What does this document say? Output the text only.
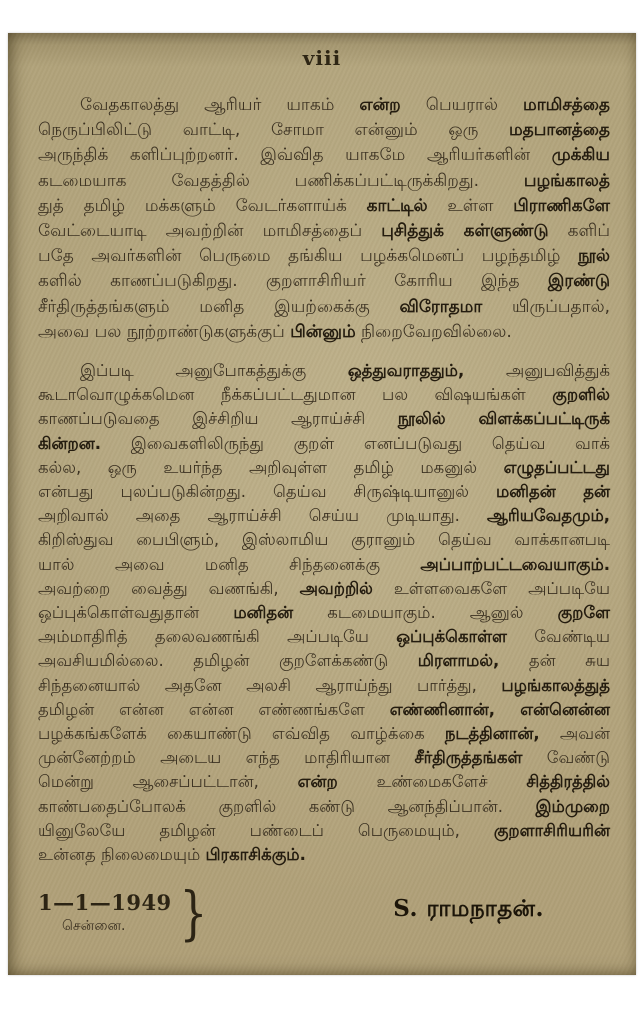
viii
வேதகாலத்து ஆரியர் யாகம் என்ற பெயரால் மாமிசத்தை
நெருப்பிலிட்டு வாட்டி, சோமா என்னும் ஒரு மதபானத்தை
அருந்திக் களிப்புற்றனர். இவ்வித யாகமே ஆரியர்களின் முக்கிய
கடமையாக வேதத்தில் பணிக்கப்பட்டிருக்கிறது. பழங்காலத்
துத் தமிழ் மக்களும் வேடர்களாய்க் காட்டில் உள்ள பிராணிகளே
வேட்டையாடி அவற்றின் மாமிசத்தைப் புசித்துக் கள்ளுண்டு களிப்
பதே அவர்களின் பெருமை தங்கிய பழக்கமெனப் பழந்தமிழ் நூல்
களில் காணப்படுகிறது. குறளாசிரியர் கோரிய இந்த இரண்டு
சீர்திருத்தங்களும் மனித இயற்கைக்கு விரோதமா யிருப்பதால்,
அவை பல நூற்றாண்டுகளுக்குப் பின்னும் நிறைவேறவில்லை.
இப்படி அனுபோகத்துக்கு ஒத்துவராததும், அனுபவித்துக்
கூடாவொழுக்கமென நீக்கப்பட்டதுமான பல விஷயங்கள் குறளில்
காணப்படுவதை இச்சிறிய ஆராய்ச்சி நூலில் விளக்கப்பட்டிருக்
கின்றன. இவைகளிலிருந்து குறள் எனப்படுவது தெய்வ வாக்
கல்ல, ஒரு உயர்ந்த அறிவுள்ள தமிழ் மகனுல் எழுதப்பட்டது
என்பது புலப்படுகின்றது. தெய்வ சிருஷ்டியானுல் மனிதன் தன்
அறிவால் அதை ஆராய்ச்சி செய்ய முடியாது. ஆரியவேதமும்,
கிறிஸ்துவ பைபிளும், இஸ்லாமிய குரானும் தெய்வ வாக்கானபடி
யால் அவை மனித சிந்தனைக்கு அப்பாற்பட்டவையாகும்.
அவற்றை வைத்து வணங்கி, அவற்றில் உள்ளவைகளே அப்படியே
ஒப்புக்கொள்வதுதான் மனிதன் கடமையாகும். ஆனுல் குறளே
அம்மாதிரித் தலைவணங்கி அப்படியே ஒப்புக்கொள்ள வேண்டிய
அவசியமில்லை. தமிழன் குறளேக்கண்டு மிரளாமல், தன் சுய
சிந்தனையால் அதனே அலசி ஆராய்ந்து பார்த்து, பழங்காலத்துத்
தமிழன் என்ன என்ன எண்ணங்களே எண்ணினான், என்னென்ன
பழக்கங்களேக் கையாண்டு எவ்வித வாழ்க்கை நடத்தினான், அவன்
முன்னேற்றம் அடைய எந்த மாதிரியான சீர்திருத்தங்கள் வேண்டு
மென்று ஆசைப்பட்டான், என்ற உண்மைகளேச் சித்திரத்தில்
காண்பதைப்போலக் குறளில் கண்டு ஆனந்திப்பான். இம்முறை
யினுலேயே தமிழன் பண்டைப் பெருமையும், குறளாசிரியரின்
உன்னத நிலைமையும் பிரகாசிக்கும்.
1—1—1949
சென்னை. }	S. ராமநாதன்.
